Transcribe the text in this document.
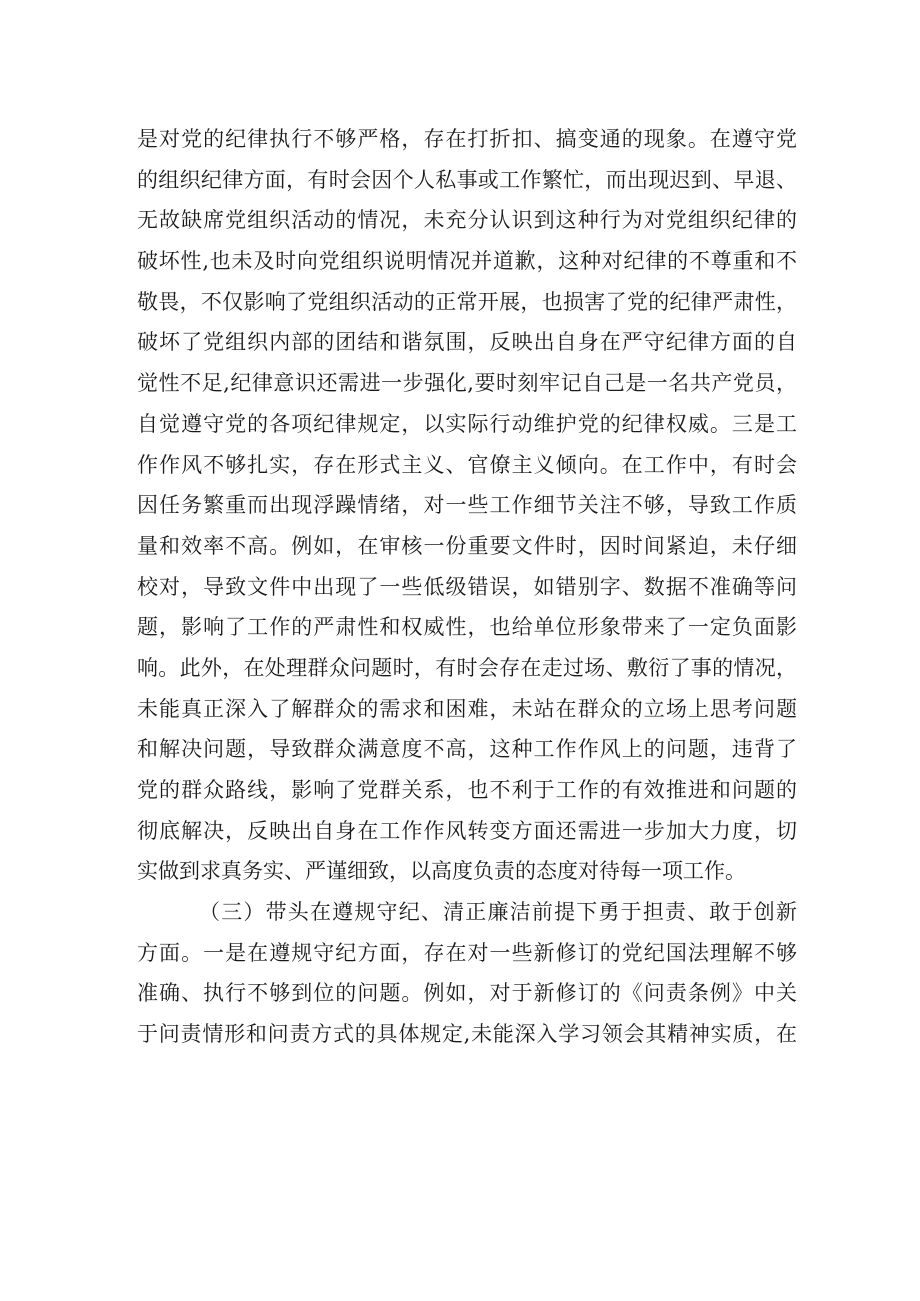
是对党的纪律执行不够严格，存在打折扣、搞变通的现象。在遵守党
的组织纪律方面，有时会因个人私事或工作繁忙，而出现迟到、早退、
无故缺席党组织活动的情况，未充分认识到这种行为对党组织纪律的
破坏性,也未及时向党组织说明情况并道歉，这种对纪律的不尊重和不
敬畏，不仅影响了党组织活动的正常开展，也损害了党的纪律严肃性，
破坏了党组织内部的团结和谐氛围，反映出自身在严守纪律方面的自
觉性不足,纪律意识还需进一步强化,要时刻牢记自己是一名共产党员，
自觉遵守党的各项纪律规定，以实际行动维护党的纪律权威。三是工
作作风不够扎实，存在形式主义、官僚主义倾向。在工作中，有时会
因任务繁重而出现浮躁情绪，对一些工作细节关注不够，导致工作质
量和效率不高。例如，在审核一份重要文件时，因时间紧迫，未仔细
校对，导致文件中出现了一些低级错误，如错别字、数据不准确等问
题，影响了工作的严肃性和权威性，也给单位形象带来了一定负面影
响。此外，在处理群众问题时，有时会存在走过场、敷衍了事的情况，
未能真正深入了解群众的需求和困难，未站在群众的立场上思考问题
和解决问题，导致群众满意度不高，这种工作作风上的问题，违背了
党的群众路线，影响了党群关系，也不利于工作的有效推进和问题的
彻底解决，反映出自身在工作作风转变方面还需进一步加大力度，切
实做到求真务实、严谨细致，以高度负责的态度对待每一项工作。
（三）带头在遵规守纪、清正廉洁前提下勇于担责、敢于创新
方面。一是在遵规守纪方面，存在对一些新修订的党纪国法理解不够
准确、执行不够到位的问题。例如，对于新修订的《问责条例》中关
于问责情形和问责方式的具体规定,未能深入学习领会其精神实质，在
